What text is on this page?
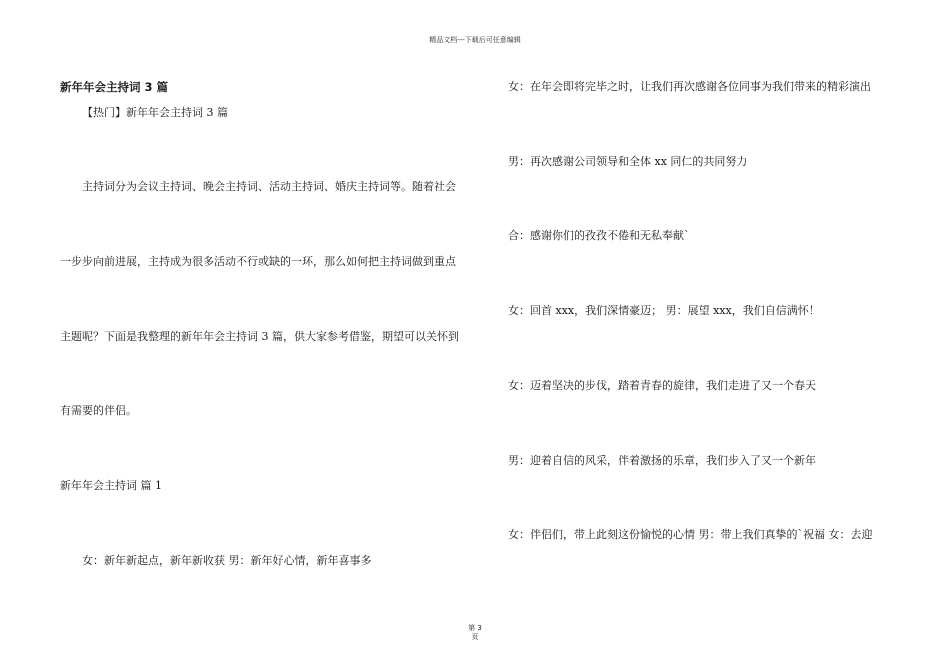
精品文档---下载后可任意编辑
新年年会主持词 3 篇
【热门】新年年会主持词 3 篇
主持词分为会议主持词、晚会主持词、活动主持词、婚庆主持词等。随着社会
一步步向前进展，主持成为很多活动不行或缺的一环，那么如何把主持词做到重点
主题呢？下面是我整理的新年年会主持词 3 篇，供大家参考借鉴，期望可以关怀到
有需要的伴侣。
新年年会主持词 篇 1
女：新年新起点，新年新收获 男：新年好心情，新年喜事多
女：在年会即将完毕之时，让我们再次感谢各位同事为我们带来的精彩演出
男：再次感谢公司领导和全体 xx 同仁的共同努力
合：感谢你们的孜孜不倦和无私奉献`
女：回首 xxx，我们深情豪迈； 男：展望 xxx，我们自信满怀！
女：迈着坚决的步伐，踏着青春的旋律，我们走进了又一个春天
男：迎着自信的风采，伴着激扬的乐章，我们步入了又一个新年
女：伴侣们，带上此刻这份愉悦的心情 男：带上我们真挚的`祝福 女：去迎
第 3
页
